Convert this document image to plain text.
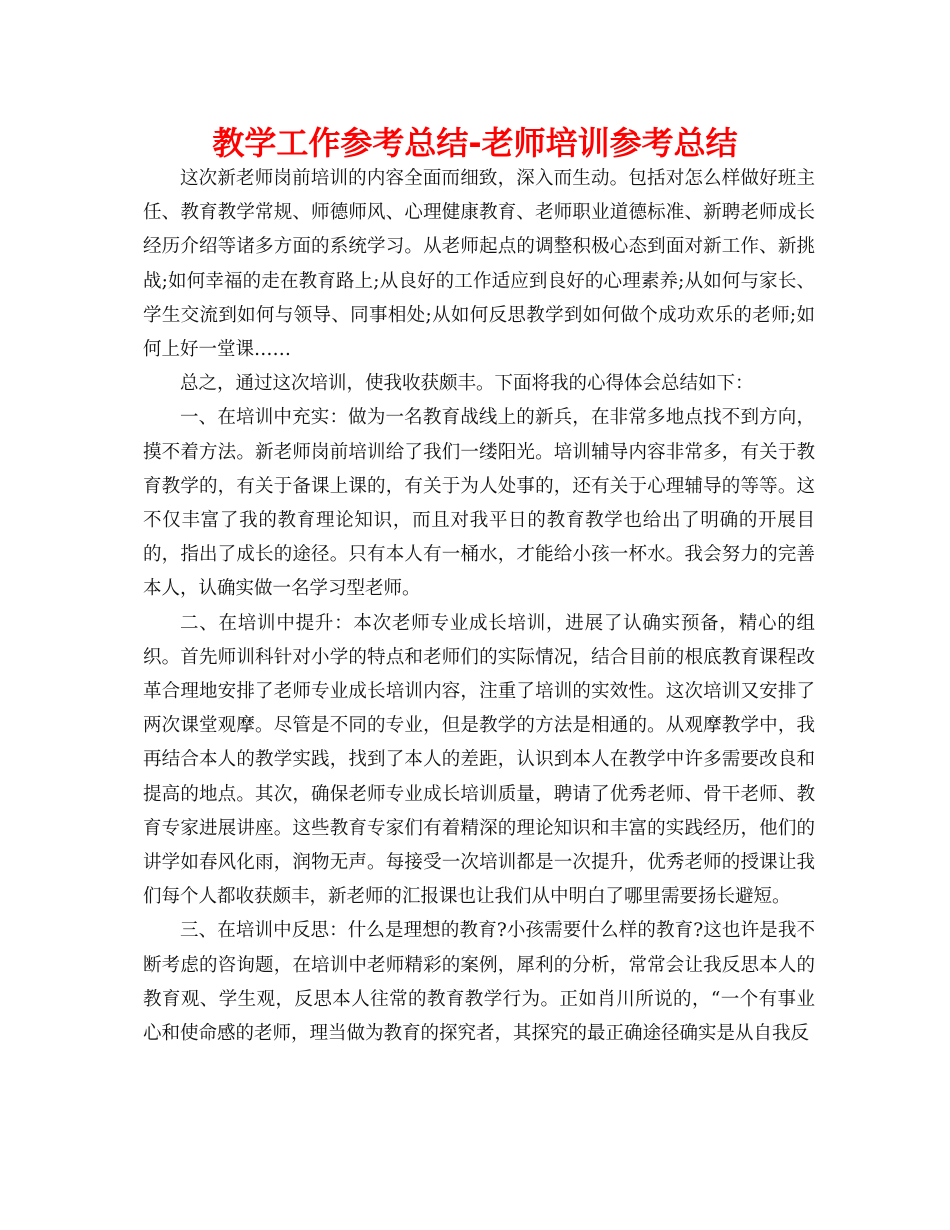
教学工作参考总结-老师培训参考总结

这次新老师岗前培训的内容全面而细致，深入而生动。包括对怎么样做好班主任、教育教学常规、师德师风、心理健康教育、老师职业道德标准、新聘老师成长经历介绍等诸多方面的系统学习。从老师起点的调整积极心态到面对新工作、新挑战;如何幸福的走在教育路上;从良好的工作适应到良好的心理素养;从如何与家长、学生交流到如何与领导、同事相处;从如何反思教学到如何做个成功欢乐的老师;如何上好一堂课……

总之，通过这次培训，使我收获颇丰。下面将我的心得体会总结如下：

一、在培训中充实：做为一名教育战线上的新兵，在非常多地点找不到方向，摸不着方法。新老师岗前培训给了我们一缕阳光。培训辅导内容非常多，有关于教育教学的，有关于备课上课的，有关于为人处事的，还有关于心理辅导的等等。这不仅丰富了我的教育理论知识，而且对我平日的教育教学也给出了明确的开展目的，指出了成长的途径。只有本人有一桶水，才能给小孩一杯水。我会努力的完善本人，认确实做一名学习型老师。

二、在培训中提升：本次老师专业成长培训，进展了认确实预备，精心的组织。首先师训科针对小学的特点和老师们的实际情况，结合目前的根底教育课程改革合理地安排了老师专业成长培训内容，注重了培训的实效性。这次培训又安排了两次课堂观摩。尽管是不同的专业，但是教学的方法是相通的。从观摩教学中，我再结合本人的教学实践，找到了本人的差距，认识到本人在教学中许多需要改良和提高的地点。其次，确保老师专业成长培训质量，聘请了优秀老师、骨干老师、教育专家进展讲座。这些教育专家们有着精深的理论知识和丰富的实践经历，他们的讲学如春风化雨，润物无声。每接受一次培训都是一次提升，优秀老师的授课让我们每个人都收获颇丰，新老师的汇报课也让我们从中明白了哪里需要扬长避短。

三、在培训中反思：什么是理想的教育?小孩需要什么样的教育?这也许是我不断考虑的咨询题，在培训中老师精彩的案例，犀利的分析，常常会让我反思本人的教育观、学生观，反思本人往常的教育教学行为。正如肖川所说的，“一个有事业心和使命感的老师，理当做为教育的探究者，其探究的最正确途径确实是从自我反
